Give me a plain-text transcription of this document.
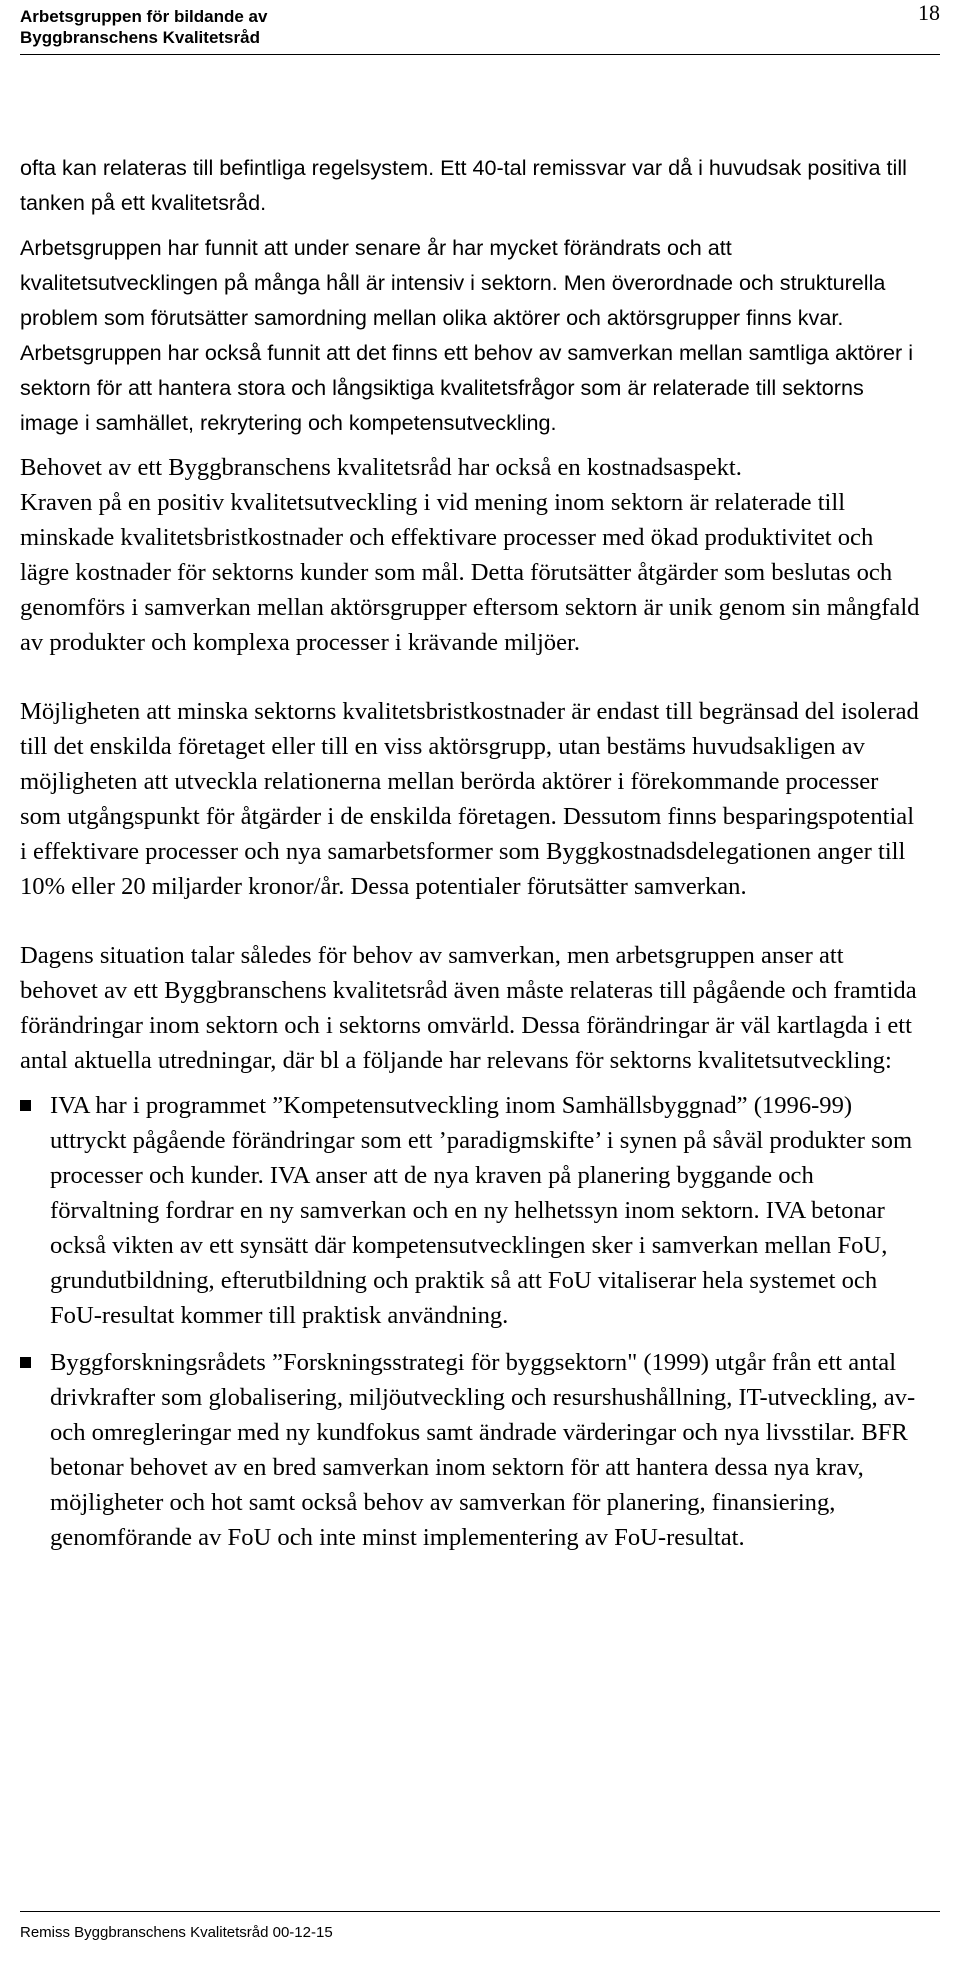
Arbetsgruppen för bildande av
Byggbranschens Kvalitetsråd
18

ofta kan relateras till befintliga regelsystem. Ett 40-tal remissvar var då i huvudsak positiva till tanken på ett kvalitetsråd.

Arbetsgruppen har funnit att under senare år har mycket förändrats och att kvalitetsutvecklingen på många håll är intensiv i sektorn. Men överordnade och strukturella problem som förutsätter samordning mellan olika aktörer och aktörsgrupper finns kvar. Arbetsgruppen har också funnit att det finns ett behov av samverkan mellan samtliga aktörer i sektorn för att hantera stora och långsiktiga kvalitetsfrågor som är relaterade till sektorns image i samhället, rekrytering och kompetensutveckling.

Behovet av ett Byggbranschens kvalitetsråd har också en kostnadsaspekt.

Kraven på en positiv kvalitetsutveckling i vid mening inom sektorn är relaterade till minskade kvalitetsbristkostnader och effektivare processer med ökad produktivitet och lägre kostnader för sektorns kunder som mål. Detta förutsätter åtgärder som beslutas och genomförs i samverkan mellan aktörsgrupper eftersom sektorn är unik genom sin mångfald av produkter och komplexa processer i krävande miljöer.

Möjligheten att minska sektorns kvalitetsbristkostnader är endast till begränsad del isolerad till det enskilda företaget eller till en viss aktörsgrupp, utan bestäms huvudsakligen av möjligheten att utveckla relationerna mellan berörda aktörer i förekommande processer som utgångspunkt för åtgärder i de enskilda företagen. Dessutom finns besparingspotential i effektivare processer och nya samarbetsformer som Byggkostnadsdelegationen anger till 10% eller 20 miljarder kronor/år. Dessa potentialer förutsätter samverkan.

Dagens situation talar således för behov av samverkan, men arbetsgruppen anser att behovet av ett Byggbranschens kvalitetsråd även måste relateras till pågående och framtida förändringar inom sektorn och i sektorns omvärld. Dessa förändringar är väl kartlagda i ett antal aktuella utredningar, där bl a följande har relevans för sektorns kvalitetsutveckling:

IVA har i programmet ”Kompetensutveckling inom Samhällsbyggnad” (1996-99) uttryckt pågående förändringar som ett ’paradigmskifte’ i synen på såväl produkter som processer och kunder. IVA anser att de nya kraven på planering byggande och förvaltning fordrar en ny samverkan och en ny helhetssyn inom sektorn. IVA betonar också vikten av ett synsätt där kompetensutvecklingen sker i samverkan mellan FoU, grundutbildning, efterutbildning och praktik så att FoU vitaliserar hela systemet och FoU-resultat kommer till praktisk användning.
Byggforskningsrådets ”Forskningsstrategi för byggsektorn" (1999) utgår från ett antal drivkrafter som globalisering, miljöutveckling och resurshushållning, IT-utveckling, av- och omregleringar med ny kundfokus samt ändrade värderingar och nya livsstilar. BFR betonar behovet av en bred samverkan inom sektorn för att hantera dessa nya krav, möjligheter och hot samt också behov av samverkan för planering, finansiering, genomförande av FoU och inte minst implementering av FoU-resultat.
Remiss Byggbranschens Kvalitetsråd 00-12-15
